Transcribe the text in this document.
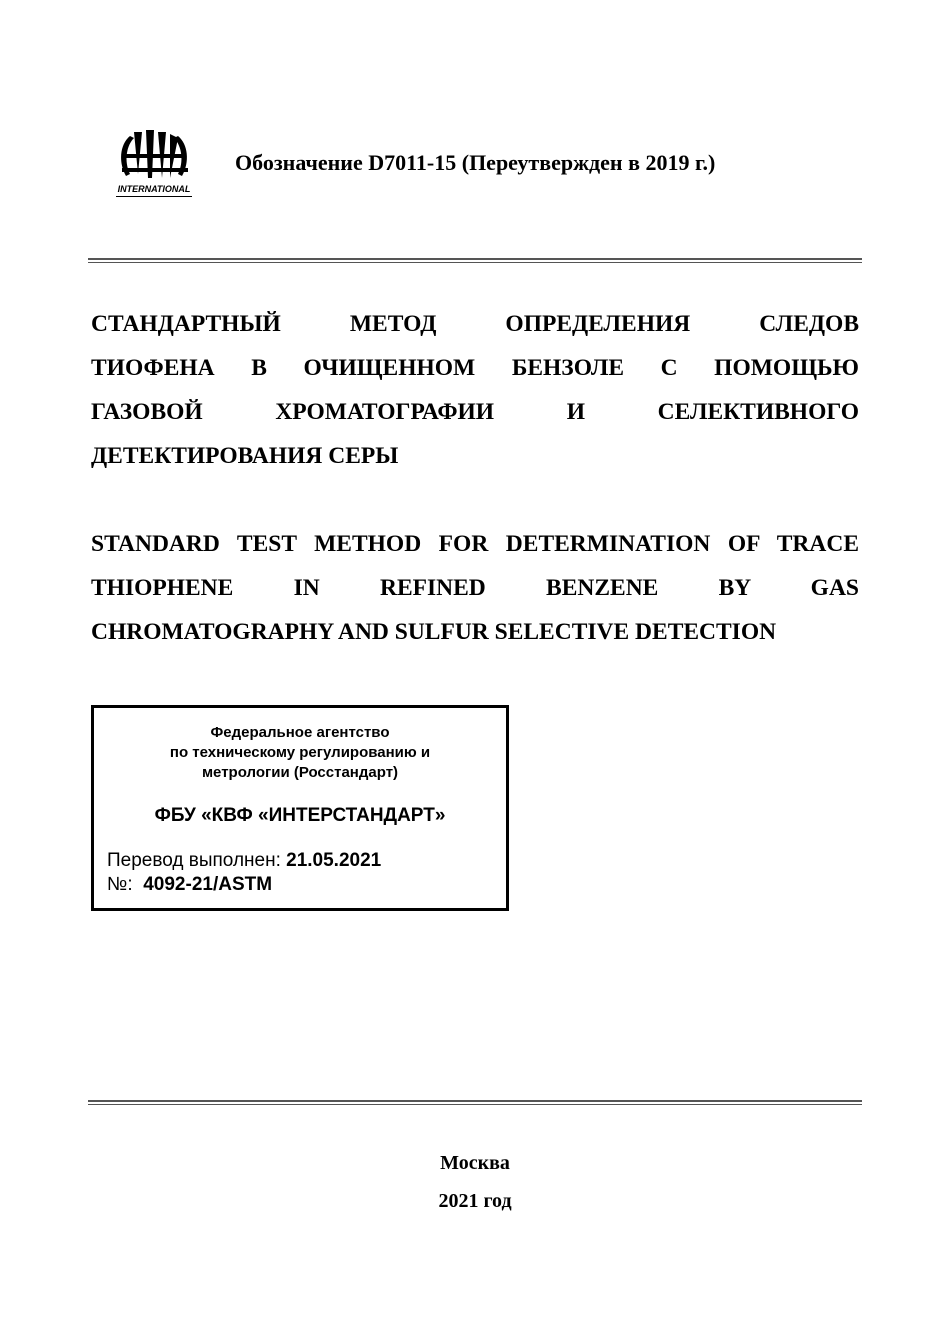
INTERNATIONAL
Обозначение D7011-15 (Переутвержден в 2019 г.)
СТАНДАРТНЫЙ МЕТОД ОПРЕДЕЛЕНИЯ СЛЕДОВ
ТИОФЕНА В ОЧИЩЕННОМ БЕНЗОЛЕ С ПОМОЩЬЮ
ГАЗОВОЙ ХРОМАТОГРАФИИ И СЕЛЕКТИВНОГО
ДЕТЕКТИРОВАНИЯ СЕРЫ
STANDARD TEST METHOD FOR DETERMINATION OF TRACE
THIOPHENE IN REFINED BENZENE BY GAS
CHROMATOGRAPHY AND SULFUR SELECTIVE DETECTION
Федеральное агентство
по техническому регулированию и
метрологии (Росстандарт)
ФБУ «КВФ «ИНТЕРСТАНДАРТ»
Перевод выполнен: 21.05.2021
№: 4092-21/ASTM
Москва
2021 год
